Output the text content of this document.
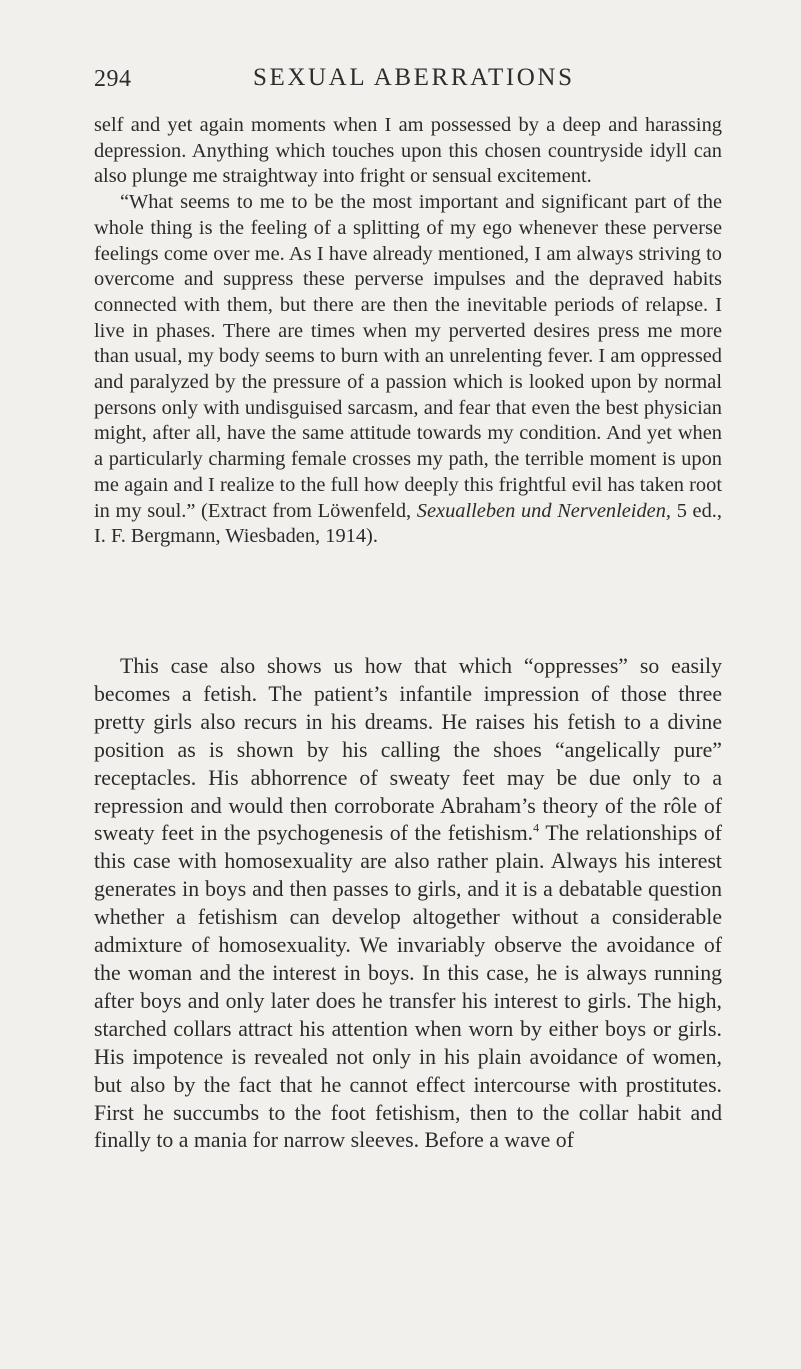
294	SEXUAL ABERRATIONS

self and yet again moments when I am possessed by a deep and harassing depression. Anything which touches upon this chosen countryside idyll can also plunge me straightway into fright or sensual excitement.

“What seems to me to be the most important and significant part of the whole thing is the feeling of a splitting of my ego whenever these perverse feelings come over me. As I have already mentioned, I am always striving to overcome and suppress these perverse impulses and the depraved habits connected with them, but there are then the inevitable periods of relapse. I live in phases. There are times when my perverted desires press me more than usual, my body seems to burn with an unrelenting fever. I am oppressed and paralyzed by the pressure of a passion which is looked upon by normal persons only with undisguised sarcasm, and fear that even the best physician might, after all, have the same attitude towards my condition. And yet when a particularly charming female crosses my path, the terrible moment is upon me again and I realize to the full how deeply this frightful evil has taken root in my soul.” (Extract from Löwenfeld, Sexualleben und Nervenleiden, 5 ed., I. F. Bergmann, Wiesbaden, 1914).

This case also shows us how that which “oppresses” so easily becomes a fetish. The patient’s infantile impression of those three pretty girls also recurs in his dreams. He raises his fetish to a divine position as is shown by his calling the shoes “angelically pure” receptacles. His abhorrence of sweaty feet may be due only to a repression and would then corroborate Abraham’s theory of the rôle of sweaty feet in the psychogenesis of the fetishism.$^4$ The relationships of this case with homosexuality are also rather plain. Always his interest generates in boys and then passes to girls, and it is a debatable question whether a fetishism can develop altogether without a considerable admixture of homosexuality. We invariably observe the avoidance of the woman and the interest in boys. In this case, he is always running after boys and only later does he transfer his interest to girls. The high, starched collars attract his attention when worn by either boys or girls. His impotence is revealed not only in his plain avoidance of women, but also by the fact that he cannot effect intercourse with prostitutes. First he succumbs to the foot fetishism, then to the collar habit and finally to a mania for narrow sleeves. Before a wave of
